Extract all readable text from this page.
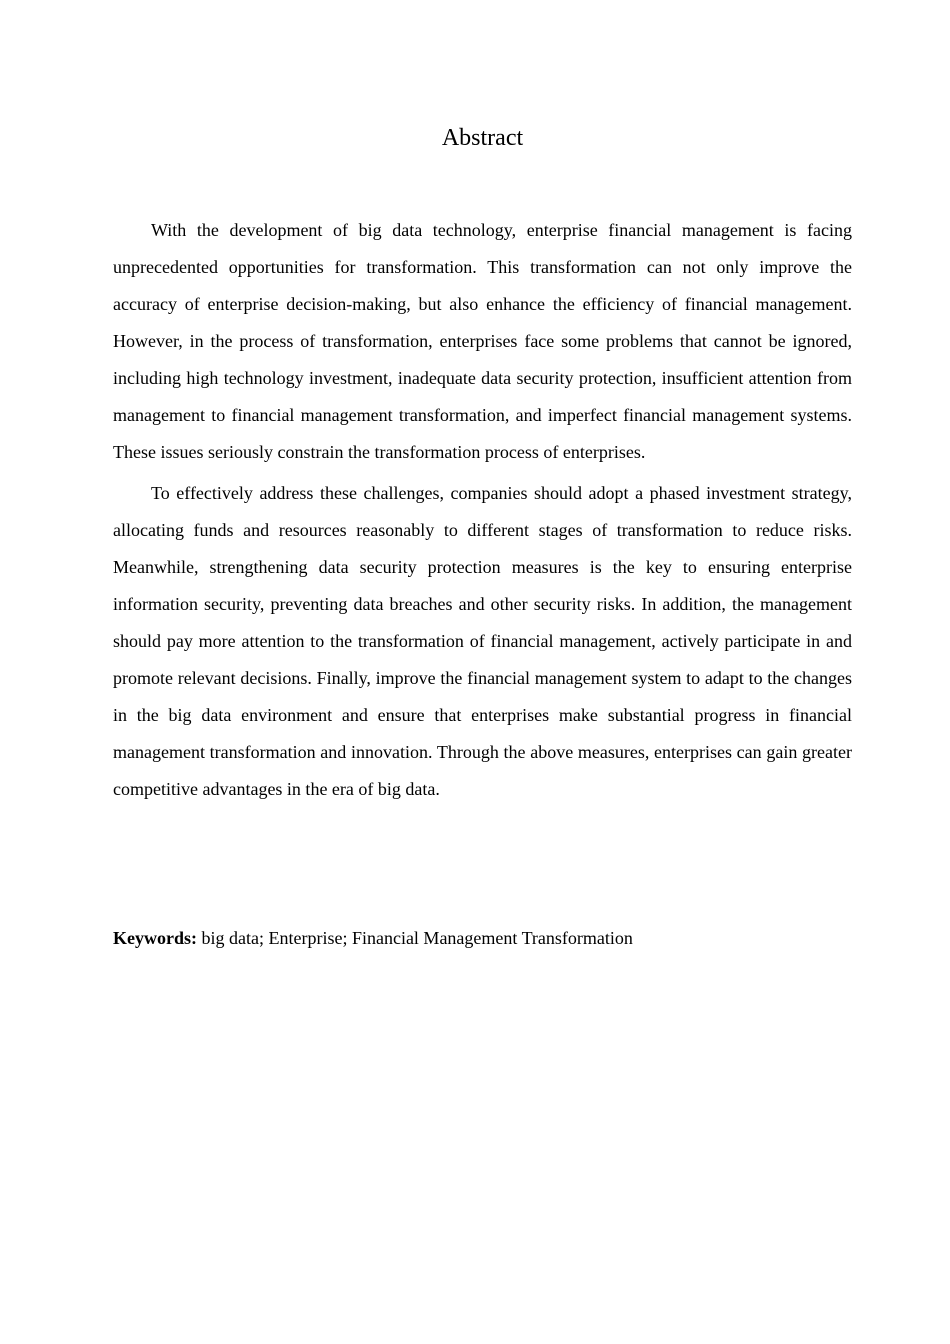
Abstract

With the development of big data technology, enterprise financial management is facing unprecedented opportunities for transformation. This transformation can not only improve the accuracy of enterprise decision-making, but also enhance the efficiency of financial management. However, in the process of transformation, enterprises face some problems that cannot be ignored, including high technology investment, inadequate data security protection, insufficient attention from management to financial management transformation, and imperfect financial management systems. These issues seriously constrain the transformation process of enterprises.

To effectively address these challenges, companies should adopt a phased investment strategy, allocating funds and resources reasonably to different stages of transformation to reduce risks. Meanwhile, strengthening data security protection measures is the key to ensuring enterprise information security, preventing data breaches and other security risks. In addition, the management should pay more attention to the transformation of financial management, actively participate in and promote relevant decisions. Finally, improve the financial management system to adapt to the changes in the big data environment and ensure that enterprises make substantial progress in financial management transformation and innovation. Through the above measures, enterprises can gain greater competitive advantages in the era of big data.

Keywords: big data; Enterprise; Financial Management Transformation
